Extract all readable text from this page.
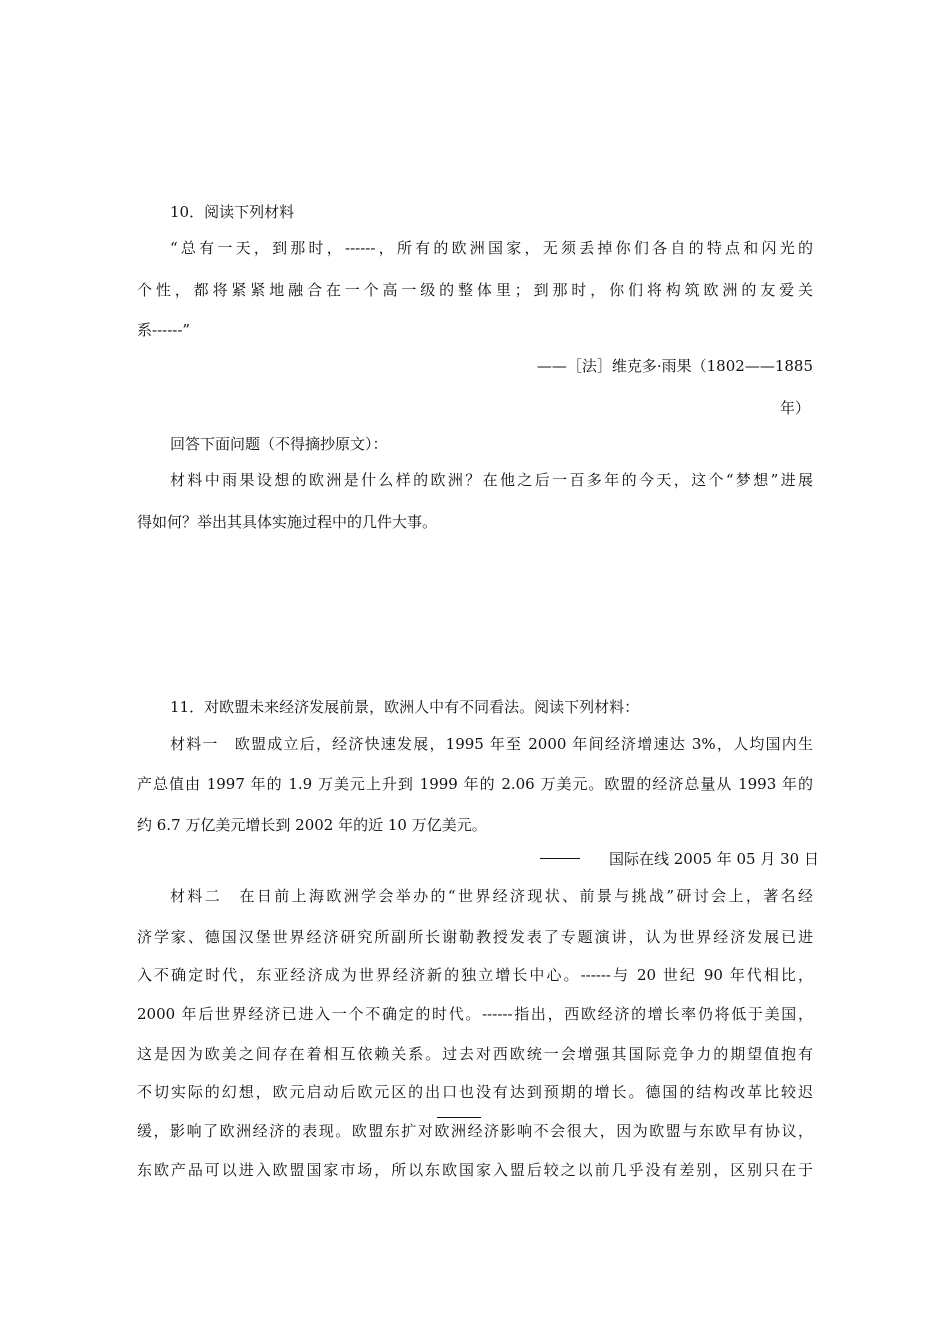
10．阅读下列材料
“总有一天，到那时，------，所有的欧洲国家，无须丢掉你们各自的特点和闪光的
个性，都将紧紧地融合在一个高一级的整体里；到那时，你们将构筑欧洲的友爱关
系------”
——［法］维克多·雨果（1802——1885
年）
回答下面问题（不得摘抄原文）：
材料中雨果设想的欧洲是什么样的欧洲？在他之后一百多年的今天，这个“梦想”进展
得如何？举出其具体实施过程中的几件大事。
11．对欧盟未来经济发展前景，欧洲人中有不同看法。阅读下列材料：
材料一　欧盟成立后，经济快速发展，1995 年至 2000 年间经济增速达 3%，人均国内生
产总值由 1997 年的 1.9 万美元上升到 1999 年的 2.06 万美元。欧盟的经济总量从 1993 年的
约 6.7 万亿美元增长到 2002 年的近 10 万亿美元。
国际在线 2005 年 05 月 30 日
材料二　在日前上海欧洲学会举办的“世界经济现状、前景与挑战”研讨会上，著名经
济学家、德国汉堡世界经济研究所副所长谢勒教授发表了专题演讲，认为世界经济发展已进
入不确定时代，东亚经济成为世界经济新的独立增长中心。------与 20 世纪 90 年代相比，
2000 年后世界经济已进入一个不确定的时代。------指出，西欧经济的增长率仍将低于美国，
这是因为欧美之间存在着相互依赖关系。过去对西欧统一会增强其国际竞争力的期望值抱有
不切实际的幻想，欧元启动后欧元区的出口也没有达到预期的增长。德国的结构改革比较迟
缓，影响了欧洲经济的表现。欧盟东扩对欧洲经济影响不会很大，因为欧盟与东欧早有协议，
东欧产品可以进入欧盟国家市场，所以东欧国家入盟后较之以前几乎没有差别，区别只在于
